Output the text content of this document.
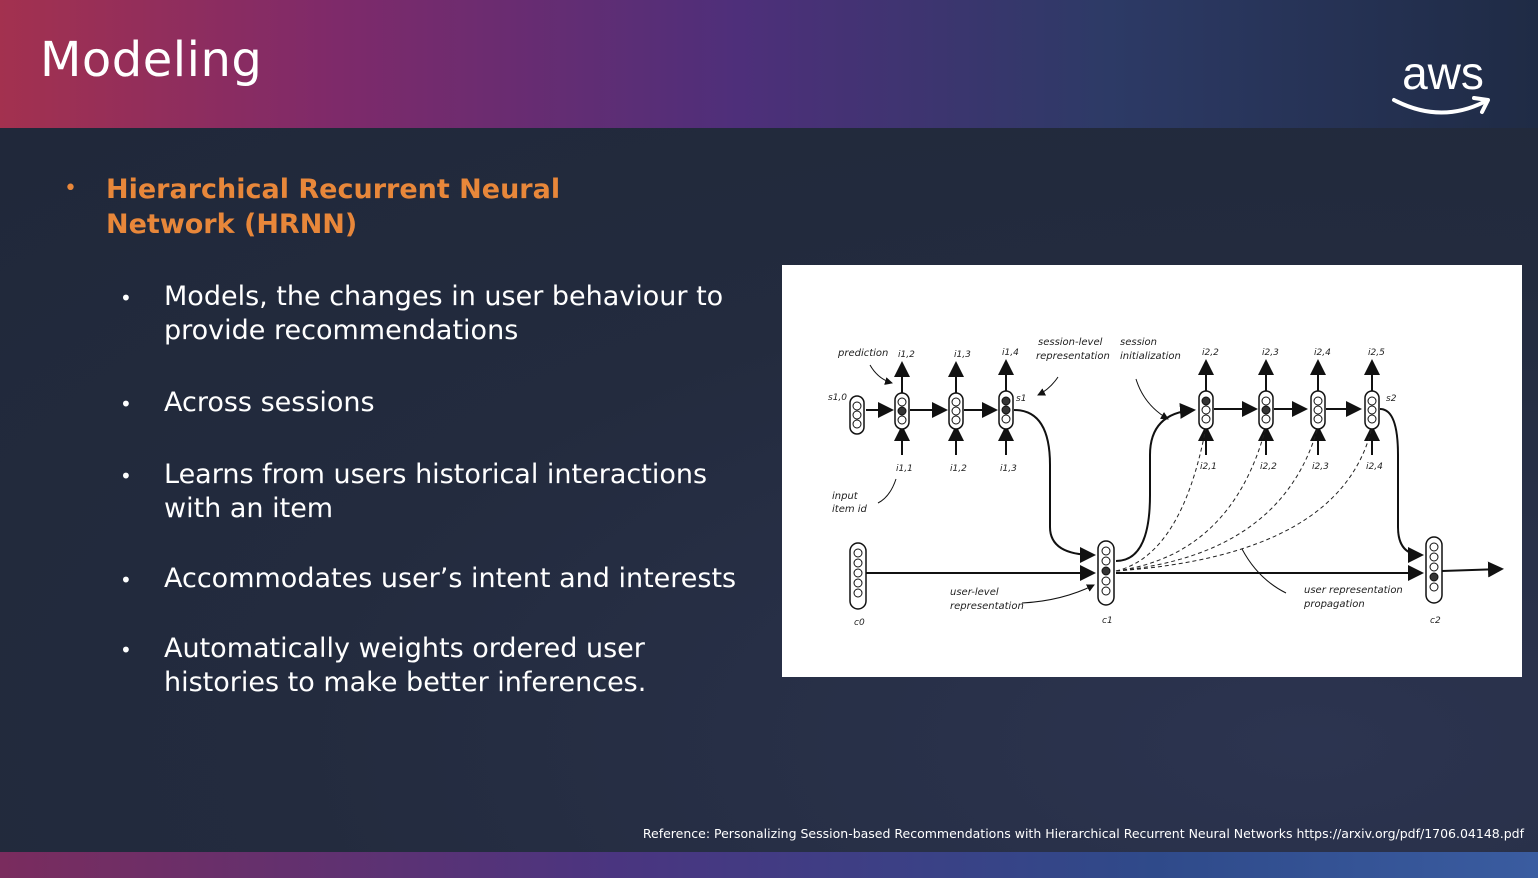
Modeling	aws
• Hierarchical Recurrent Neural Network (HRNN)
• Models, the changes in user behaviour to provide recommendations
• Across sessions
• Learns from users historical interactions with an item
• Accommodates user’s intent and interests
• Automatically weights ordered user histories to make better inferences.
prediction
input
item id
session-level
representation
session
initialization
user-level
representation
user representation
propagation
s1,0	s1	s2
c0	c1	c2
i1,2	i1,3	i1,4
i1,1	i1,2	i1,3
i2,2	i2,3	i2,4	i2,5
i2,1	i2,2	i2,3	i2,4
Reference: Personalizing Session-based Recommendations with Hierarchical Recurrent Neural Networks https://arxiv.org/pdf/1706.04148.pdf
